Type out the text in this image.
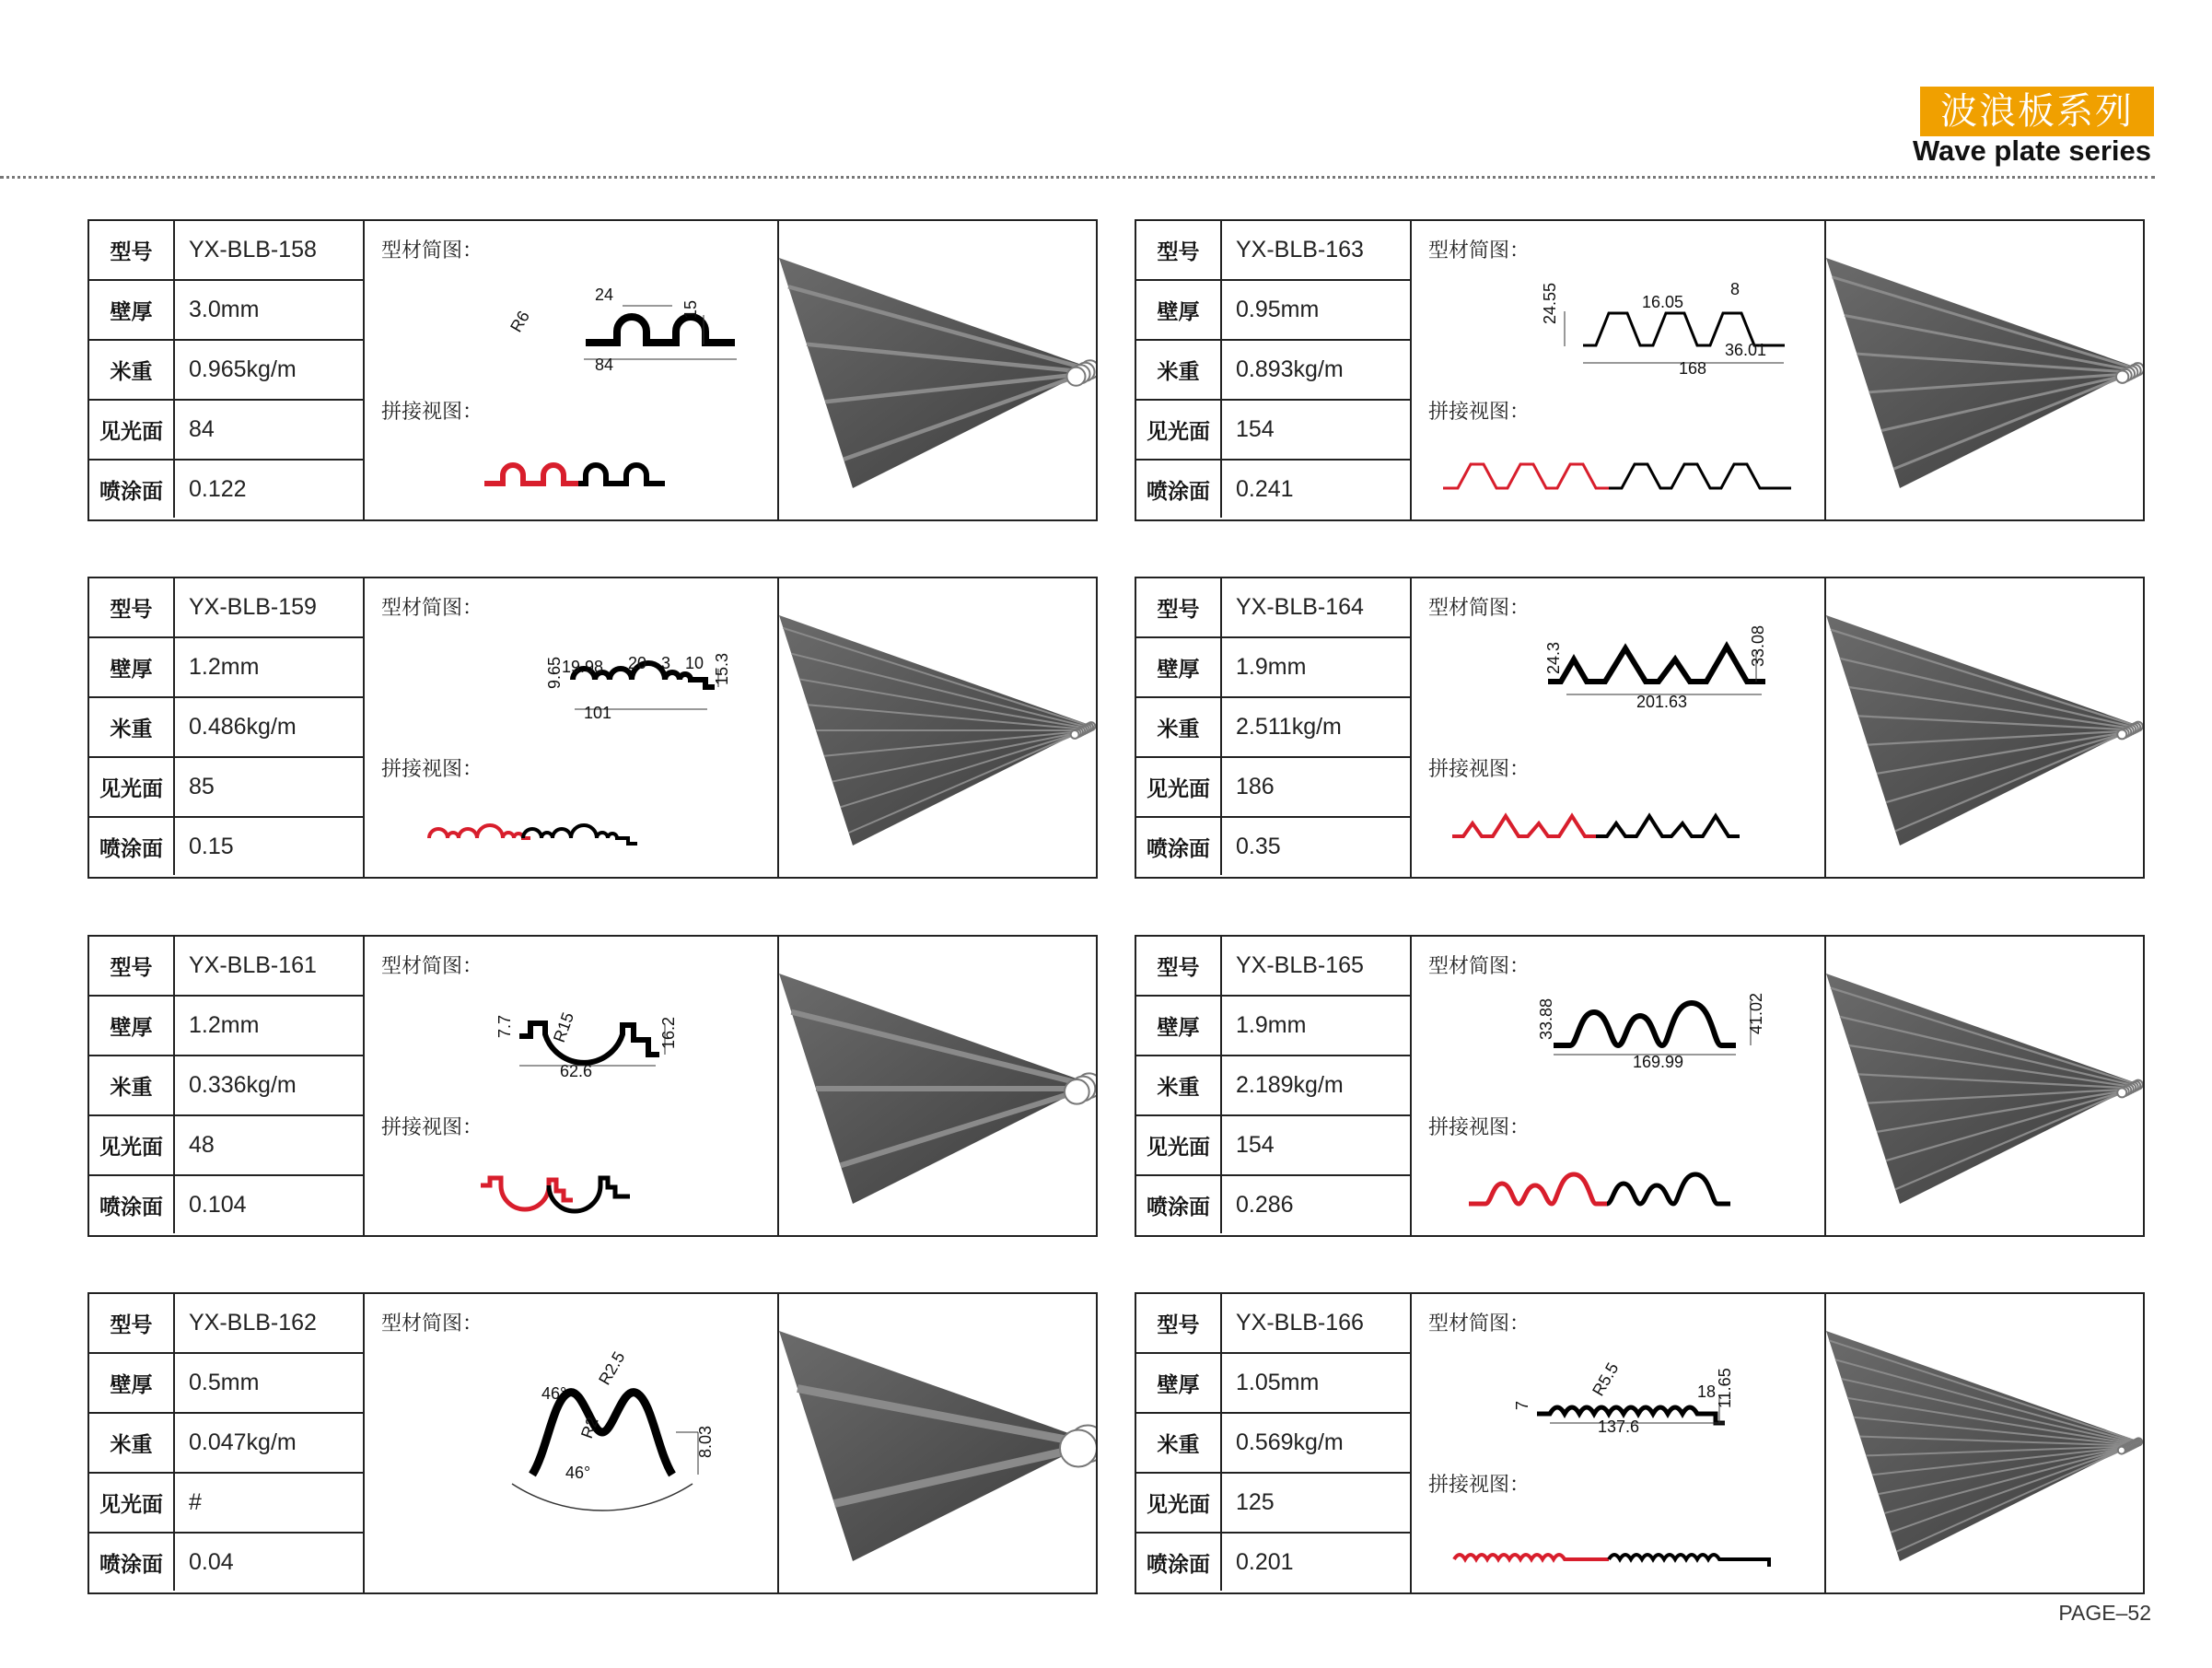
波浪板系列
Wave plate series
型号	YX-BLB-158
壁厚	3.0mm
米重	0.965kg/m
见光面	84
喷涂面	0.122
型材简图：
拼接视图：
R6
24
15
84
型号	YX-BLB-163
壁厚	0.95mm
米重	0.893kg/m
见光面	154
喷涂面	0.241
型材简图：
拼接视图：
24.55	16.05
8
168
36.01
型号	YX-BLB-159
壁厚	1.2mm
米重	0.486kg/m
见光面	85
喷涂面	0.15
型材简图：
拼接视图：
19.98 20 3 10
9.65	15.3
101
型号	YX-BLB-164
壁厚	1.9mm
米重	2.511kg/m
见光面	186
喷涂面	0.35
型材简图：
拼接视图：
24.3	33.08
201.63
型号	YX-BLB-161
壁厚	1.2mm
米重	0.336kg/m
见光面	48
喷涂面	0.104
型材简图：
拼接视图：
7.7 R15	16.2
62.6
型号	YX-BLB-165
壁厚	1.9mm
米重	2.189kg/m
见光面	154
喷涂面	0.286
型材简图：
拼接视图：
33.88	41.02
169.99
型号	YX-BLB-162
壁厚	0.5mm
米重	0.047kg/m
见光面	#
喷涂面	0.04
型材简图：
46°
R2.5
R2	8.03
46°
型号	YX-BLB-166
壁厚	1.05mm
米重	0.569kg/m
见光面	125
喷涂面	0.201
型材简图：
拼接视图：
7
R5.5	18 11.65
137.6
PAGE–52
